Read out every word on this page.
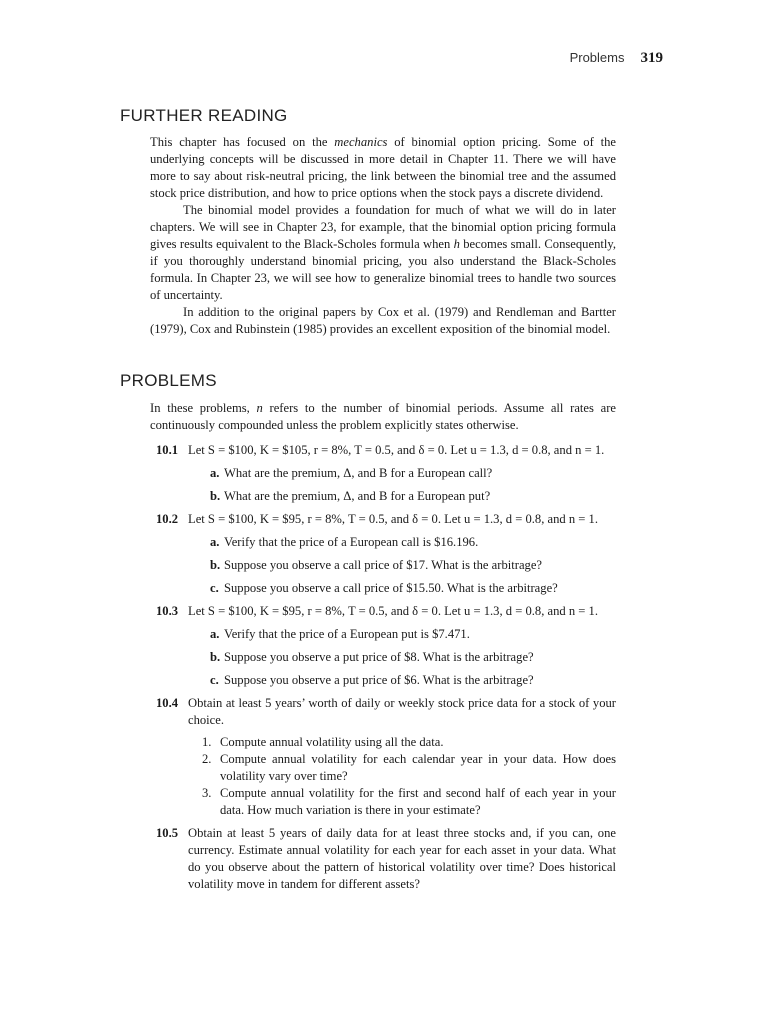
Problems 319
FURTHER READING

This chapter has focused on the mechanics of binomial option pricing. Some of the underlying concepts will be discussed in more detail in Chapter 11. There we will have more to say about risk-neutral pricing, the link between the binomial tree and the assumed stock price distribution, and how to price options when the stock pays a discrete dividend.

The binomial model provides a foundation for much of what we will do in later chapters. We will see in Chapter 23, for example, that the binomial option pricing formula gives results equivalent to the Black-Scholes formula when h becomes small. Consequently, if you thoroughly understand binomial pricing, you also understand the Black-Scholes formula. In Chapter 23, we will see how to generalize binomial trees to handle two sources of uncertainty.

In addition to the original papers by Cox et al. (1979) and Rendleman and Bartter (1979), Cox and Rubinstein (1985) provides an excellent exposition of the binomial model.

PROBLEMS

In these problems, n refers to the number of binomial periods. Assume all rates are continuously compounded unless the problem explicitly states otherwise.

10.1 Let S = $100, K = $105, r = 8%, T = 0.5, and δ = 0. Let u = 1.3, d = 0.8, and n = 1.
a. What are the premium, Δ, and B for a European call?
b. What are the premium, Δ, and B for a European put?
10.2 Let S = $100, K = $95, r = 8%, T = 0.5, and δ = 0. Let u = 1.3, d = 0.8, and n = 1.
a. Verify that the price of a European call is $16.196.
b. Suppose you observe a call price of $17. What is the arbitrage?
c. Suppose you observe a call price of $15.50. What is the arbitrage?
10.3 Let S = $100, K = $95, r = 8%, T = 0.5, and δ = 0. Let u = 1.3, d = 0.8, and n = 1.
a. Verify that the price of a European put is $7.471.
b. Suppose you observe a put price of $8. What is the arbitrage?
c. Suppose you observe a put price of $6. What is the arbitrage?
10.4 Obtain at least 5 years’ worth of daily or weekly stock price data for a stock of your choice.
1. Compute annual volatility using all the data.
2. Compute annual volatility for each calendar year in your data. How does volatility vary over time?
3. Compute annual volatility for the first and second half of each year in your data. How much variation is there in your estimate?
10.5 Obtain at least 5 years of daily data for at least three stocks and, if you can, one currency. Estimate annual volatility for each year for each asset in your data. What do you observe about the pattern of historical volatility over time? Does historical volatility move in tandem for different assets?
